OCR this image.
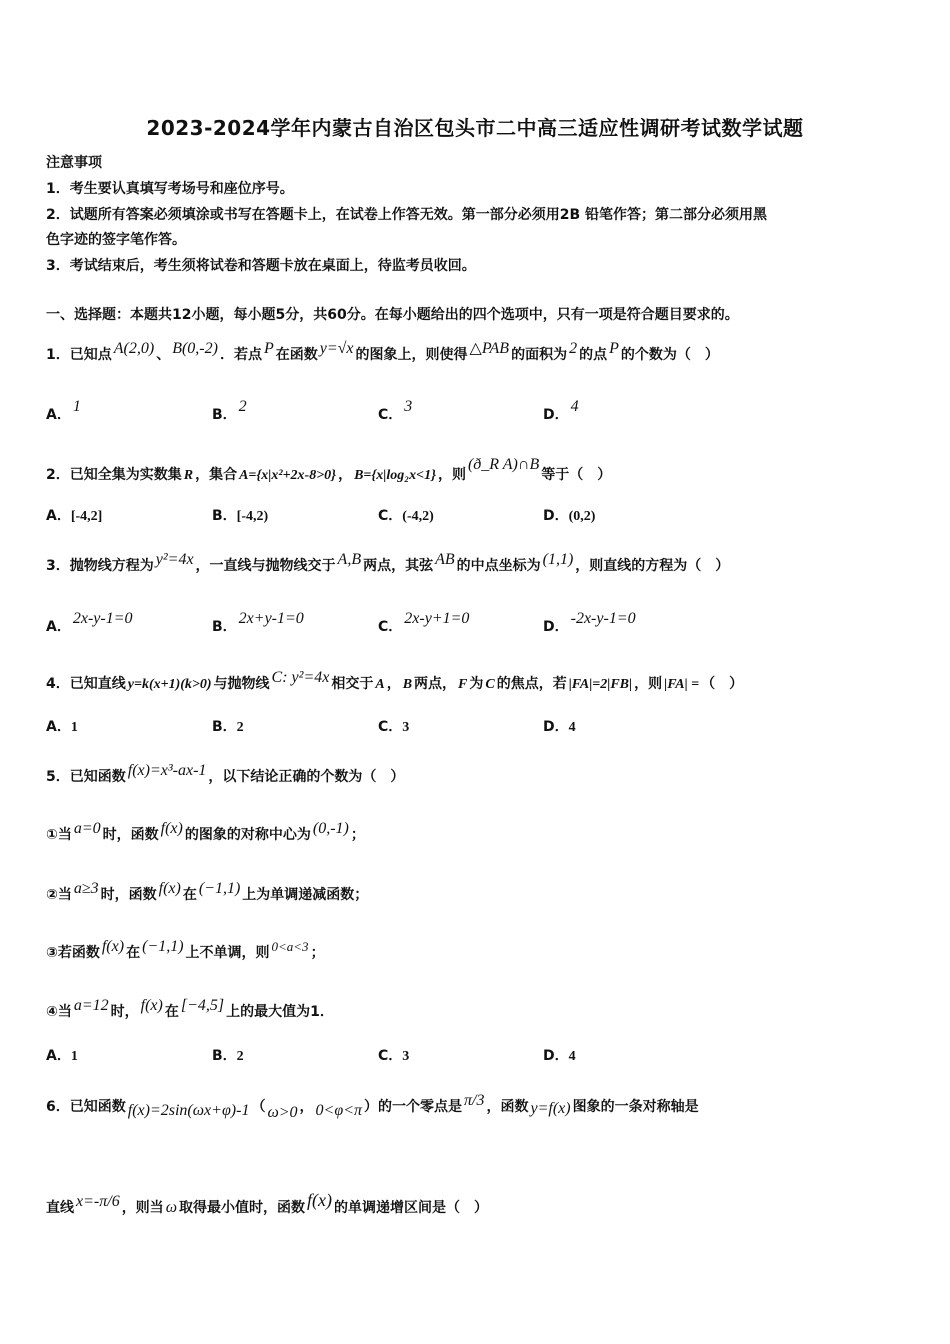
2023-2024学年内蒙古自治区包头市二中高三适应性调研考试数学试题
注意事项
1．考生要认真填写考场号和座位序号。
2．试题所有答案必须填涂或书写在答题卡上，在试卷上作答无效。第一部分必须用2B 铅笔作答；第二部分必须用黑
色字迹的签字笔作答。
3．考试结束后，考生须将试卷和答题卡放在桌面上，待监考员收回。
一、选择题：本题共12小题，每小题5分，共60分。在每小题给出的四个选项中，只有一项是符合题目要求的。
1．已知点 A(2,0) 、 B(0,-2) ．若点 P 在函数 y=√x 的图象上，则使得 △PAB 的面积为 2 的点 P 的个数为（　）
A． 1	B． 2	C． 3	D． 4
2．已知全集为实数集 R ，集合 A={x|x²+2x-8>0} ， B={x|log₂x<1} ，则(ð_R A)∩B等于（　）
A．[-4,2]	B．[-4,2)	C．(-4,2)	D．(0,2)
3．抛物线方程为 y²=4x ，一直线与抛物线交于 A,B 两点，其弦 AB 的中点坐标为 (1,1) ，则直线的方程为（　）
A． 2x-y-1=0	B． 2x+y-1=0	C． 2x-y+1=0	D． -2x-y-1=0
4．已知直线 y=k(x+1)(k>0) 与抛物线 C: y²=4x 相交于 A ， B 两点， F 为 C 的焦点，若 |FA|=2|FB| ，则 |FA| = （　）
A．1	B．2	C．3	D．4
5．已知函数 f(x)=x³-ax-1 ，以下结论正确的个数为（　）
①当 a=0 时，函数 f(x) 的图象的对称中心为 (0,-1) ；
②当 a≥3 时，函数 f(x) 在 (−1,1) 上为单调递减函数；
③若函数 f(x) 在 (−1,1) 上不单调，则 0<a<3 ；
④当 a=12 时， f(x) 在 [−4,5] 上的最大值为1．
A．1	B．2	C．3	D．4
6．已知函数 f(x)=2sin(ωx+φ)-1 （ ω>0 ， 0<φ<π ）的一个零点是 π/3 ，函数 y=f(x) 图象的一条对称轴是
直线 x=-π/6 ，则当 ω 取得最小值时，函数 f(x) 的单调递增区间是（　）
